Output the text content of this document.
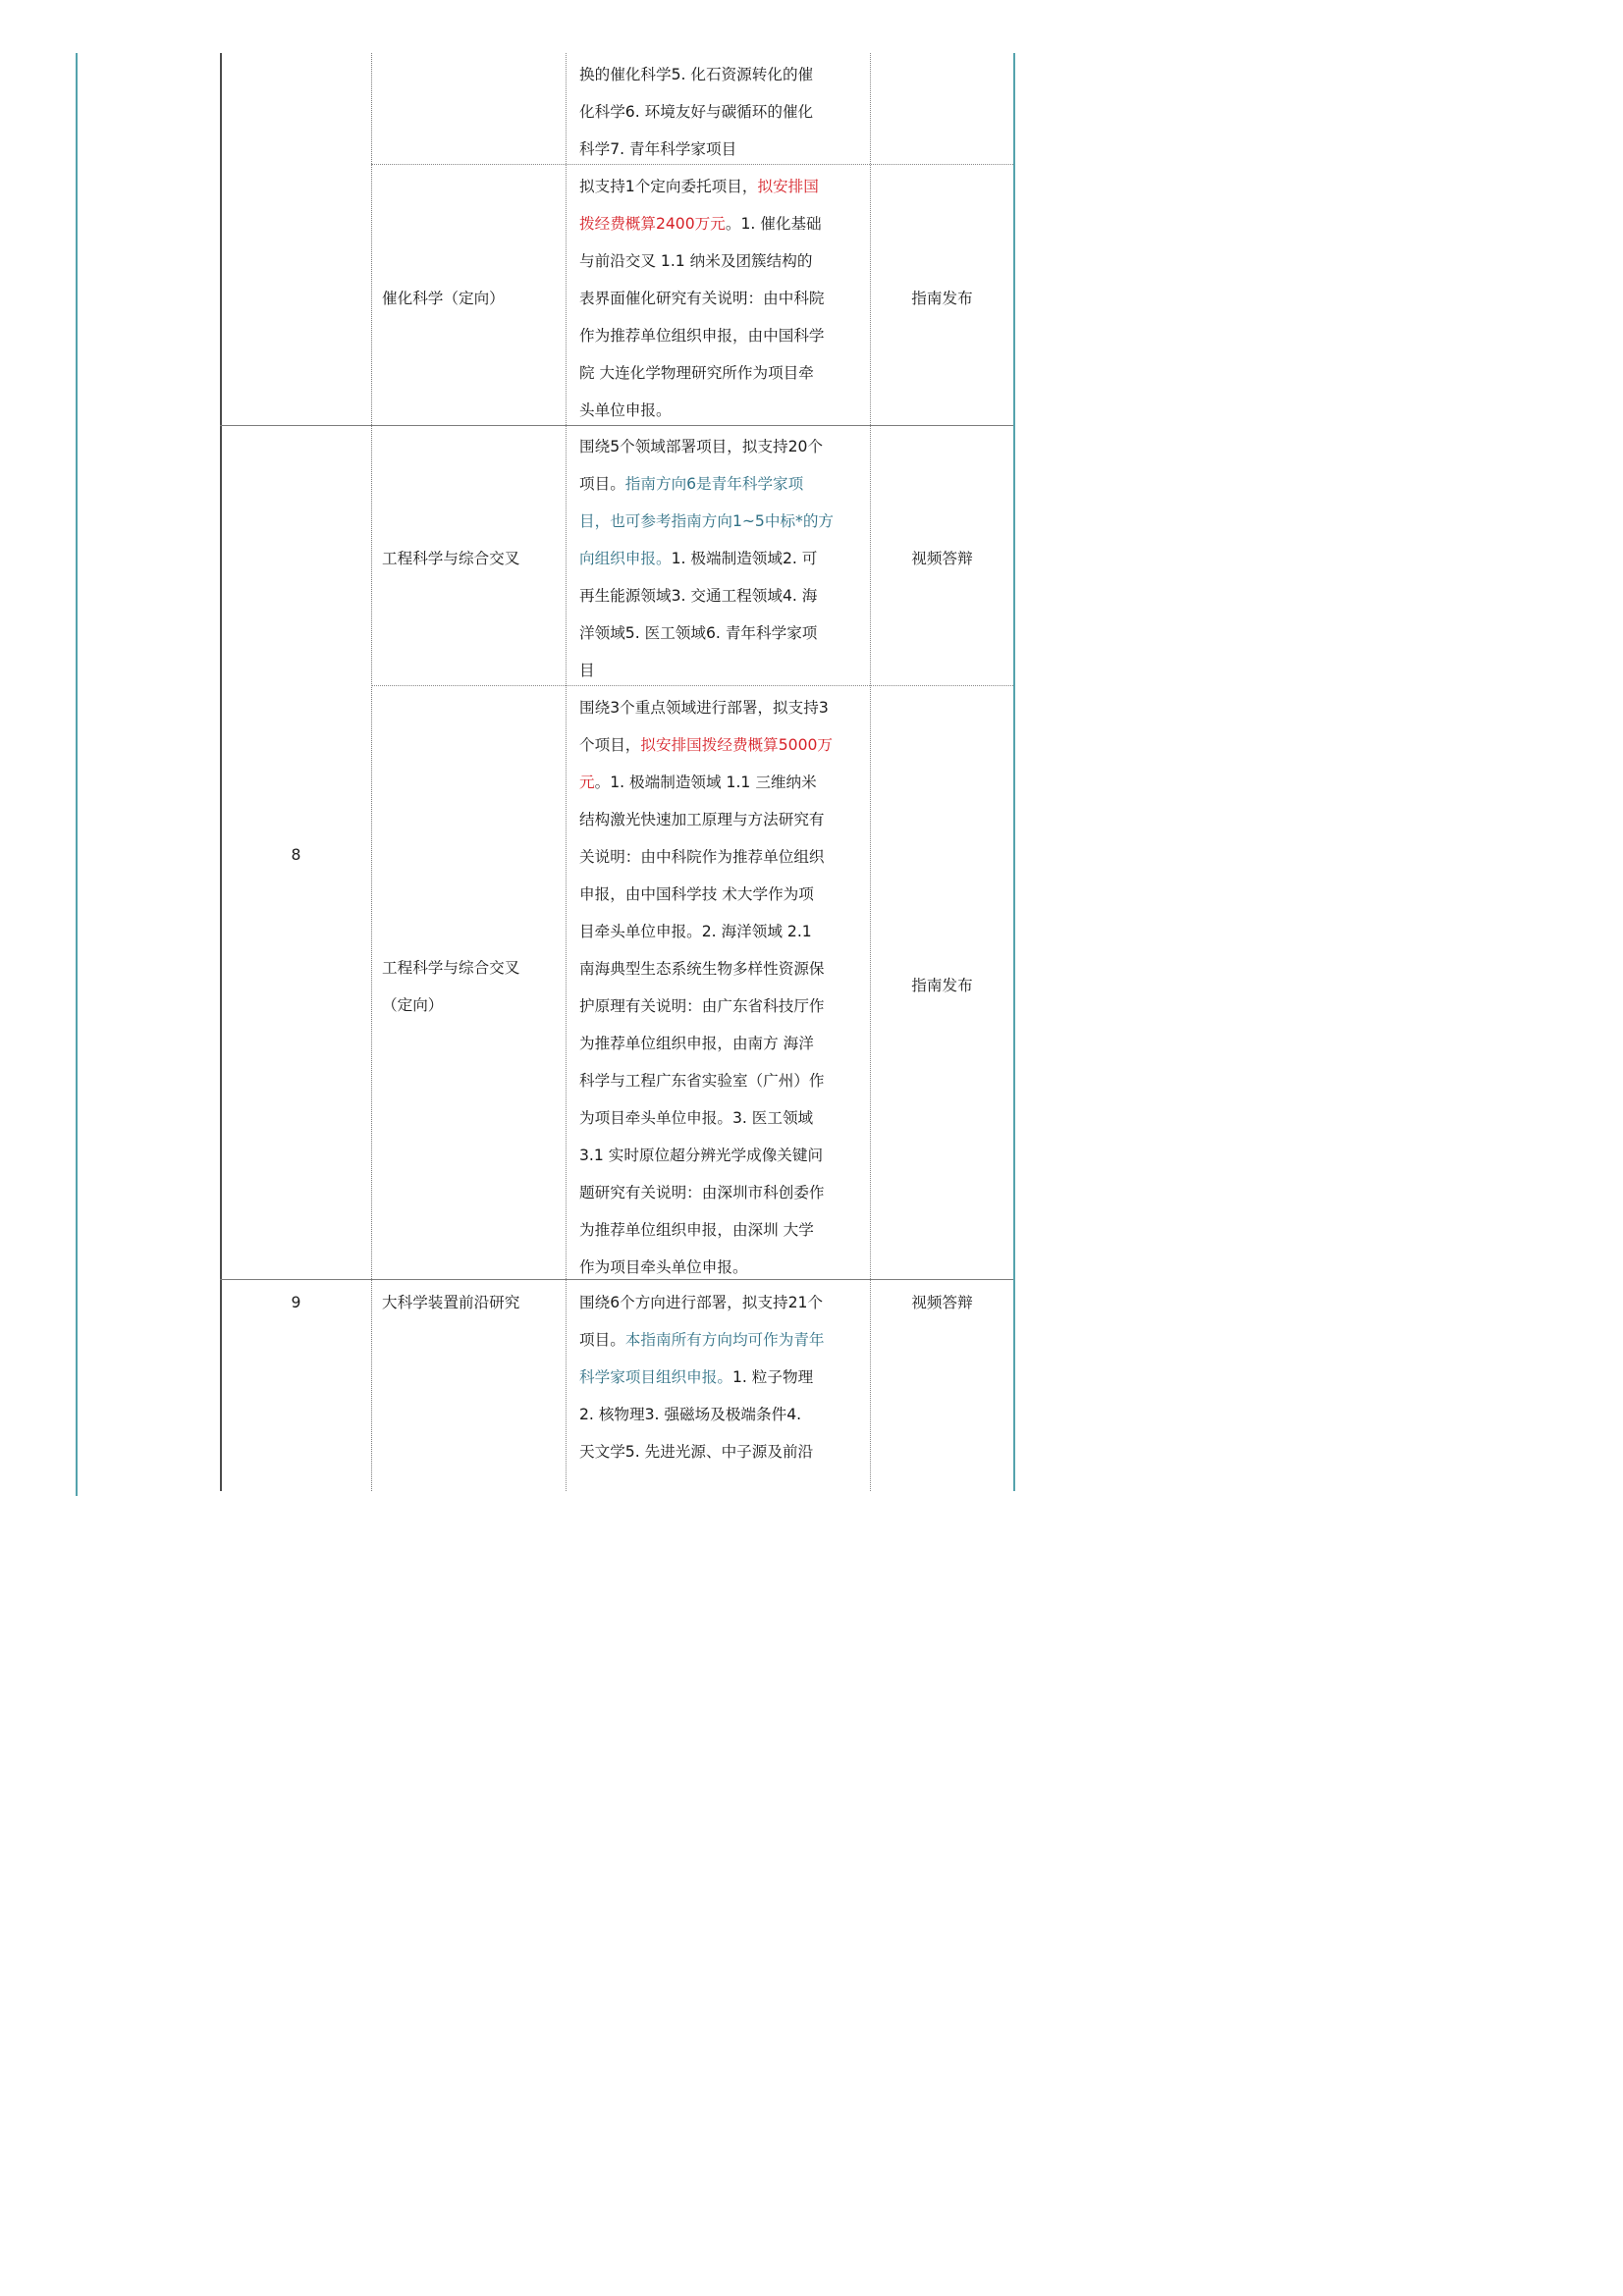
换的催化科学5. 化石资源转化的催
化科学6. 环境友好与碳循环的催化
科学7. 青年科学家项目
催化科学（定向）
拟支持1个定向委托项目，拟安排国
拨经费概算2400万元。1. 催化基础
与前沿交叉 1.1 纳米及团簇结构的
表界面催化研究有关说明：由中科院
作为推荐单位组织申报，由中国科学
院 大连化学物理研究所作为项目牵
头单位申报。
指南发布
工程科学与综合交叉
围绕5个领域部署项目，拟支持20个
项目。指南方向6是青年科学家项
目，也可参考指南方向1~5中标*的方
向组织申报。1. 极端制造领域2. 可
再生能源领域3. 交通工程领域4. 海
洋领域5. 医工领域6. 青年科学家项
目
视频答辩
8
工程科学与综合交叉
（定向）
围绕3个重点领域进行部署，拟支持3
个项目，拟安排国拨经费概算5000万
元。1. 极端制造领域 1.1 三维纳米
结构激光快速加工原理与方法研究有
关说明：由中科院作为推荐单位组织
申报，由中国科学技 术大学作为项
目牵头单位申报。2. 海洋领域 2.1
南海典型生态系统生物多样性资源保
护原理有关说明：由广东省科技厅作
为推荐单位组织申报，由南方 海洋
科学与工程广东省实验室（广州）作
为项目牵头单位申报。3. 医工领域
3.1 实时原位超分辨光学成像关键问
题研究有关说明：由深圳市科创委作
为推荐单位组织申报，由深圳 大学
作为项目牵头单位申报。
指南发布
9	大科学装置前沿研究	围绕6个方向进行部署，拟支持21个
项目。本指南所有方向均可作为青年
科学家项目组织申报。1. 粒子物理
2. 核物理3. 强磁场及极端条件4.
天文学5. 先进光源、中子源及前沿
视频答辩
